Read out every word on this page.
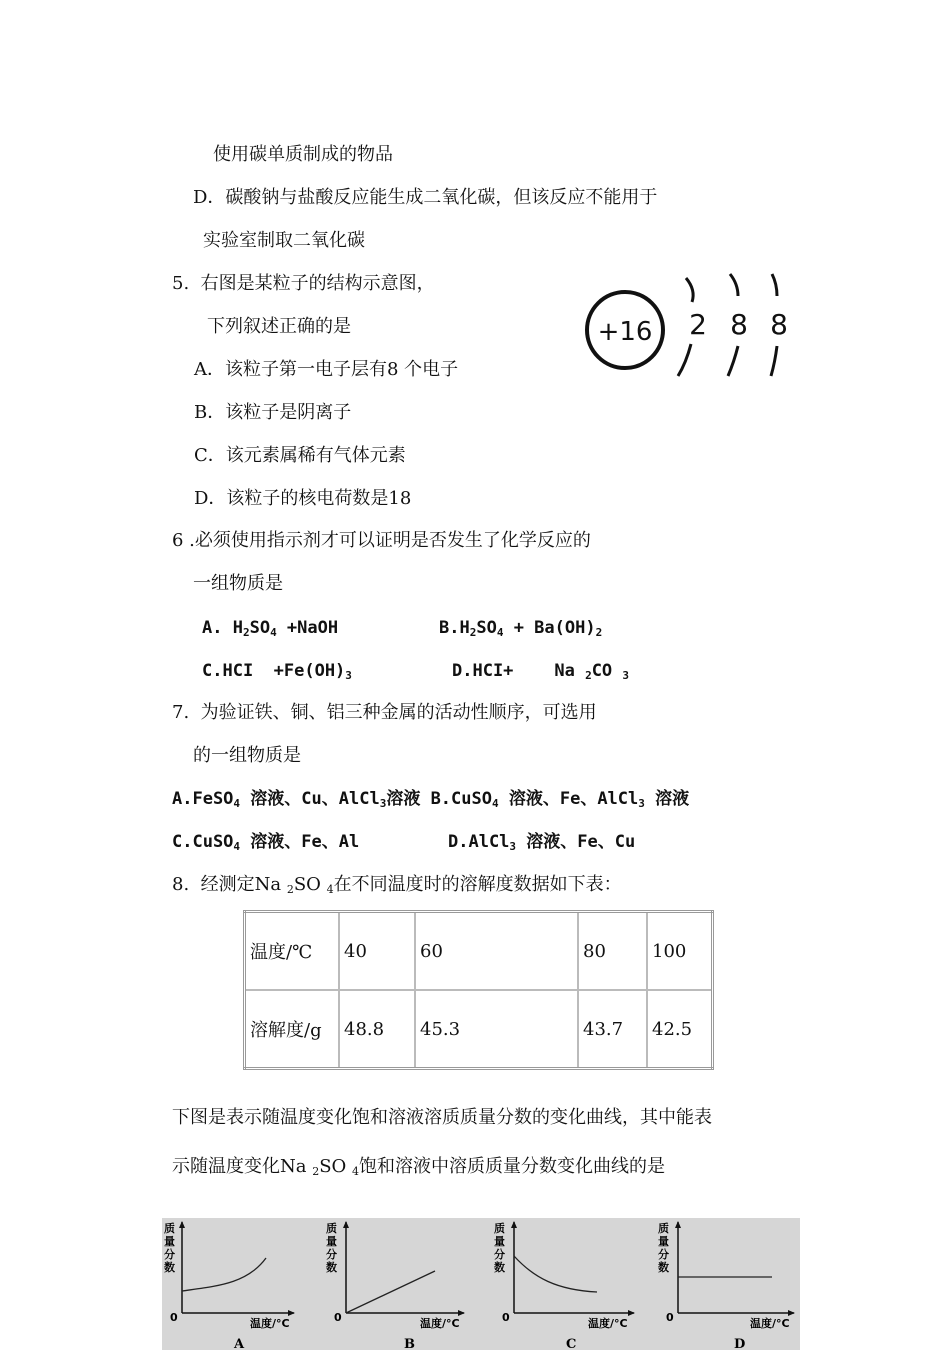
使用碳单质制成的物品
D．碳酸钠与盐酸反应能生成二氧化碳，但该反应不能用于
实验室制取二氧化碳
5.  右图是某粒子的结构示意图，
下列叙述正确的是
A．该粒子第一电子层有8 个电子
B．该粒子是阴离子
C．该元素属稀有气体元素
D．该粒子的核电荷数是18
+16 2 8 8
6 .必须使用指示剂才可以证明是否发生了化学反应的
一组物质是
A. $H_2SO_4$ +NaOH	$B.H_2SO_4 + Ba(OH)_2$
$C.HCI +Fe(OH)_3$	D.HCI+    Na $_2$CO $_3$
7.  为验证铁、铜、铝三种金属的活动性顺序，可选用
的一组物质是
A.FeSO$_4$ 溶液、Cu、AlCl$_3$溶液 B.CuSO$_4$ 溶液、Fe、AlCl$_3$ 溶液
C.CuSO$_4$ 溶液、Fe、Al	D.AlCl$_3$ 溶液、Fe、Cu
8.  经测定Na $_2$SO $_4$在不同温度时的溶解度数据如下表：
温度/℃	40	60	80	100
溶解度/g	48.8	45.3	43.7	42.5
下图是表示随温度变化饱和溶液溶质质量分数的变化曲线，其中能表
示随温度变化Na $_2$SO $_4$饱和溶液中溶质质量分数变化曲线的是
质
量
分
数
0	温度/°C
A
质
量
分
数
0	温度/°C
B
质
量
分
数
0	温度/°C
C
质
量
分
数
0	温度/°C
D
